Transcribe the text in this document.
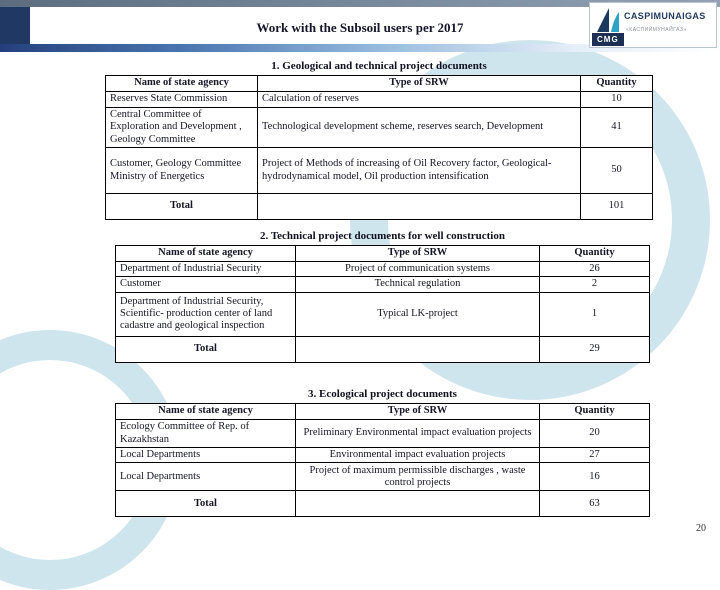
Work with the Subsoil users per 2017
CASPIMUNAIGAS
«КАСПИЙМУНАЙГАЗ»
CMG
1. Geological and technical project documents
Name of state agency	Type of SRW	Quantity
Reserves State Commission	Calculation of reserves	10
Central Committee of Exploration and Development , Geology Committee	Technological development scheme, reserves search, Development	41
Customer, Geology Committee Ministry of Energetics	Project of Methods of increasing of Oil Recovery factor, Geological-hydrodynamical model, Oil production intensification	50
Total		101
2. Technical project documents for well construction
Name of state agency	Type of SRW	Quantity
Department of Industrial Security	Project of communication systems	26
Customer	Technical regulation	2
Department of Industrial Security, Scientific- production center of land cadastre and geological inspection	Typical LK-project	1
Total		29
3. Ecological project documents
Name of state agency	Type of SRW	Quantity
Ecology Committee of Rep. of Kazakhstan	Preliminary Environmental impact evaluation projects	20
Local Departments	Environmental impact evaluation projects	27
Local Departments	Project of maximum permissible discharges , waste control projects	16
Total		63
20
